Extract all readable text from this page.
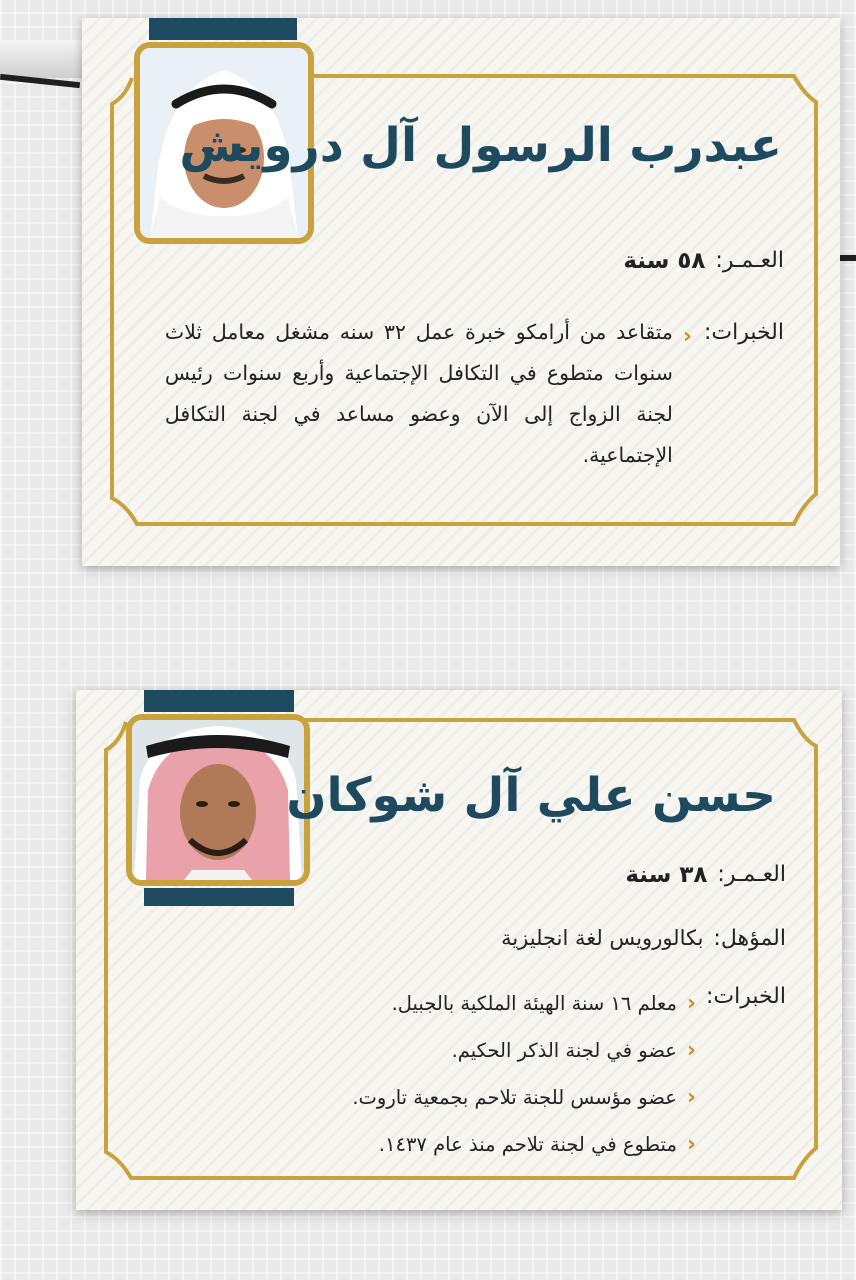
عبدرب الرسول آل درويش
العـمـر:
٥٨ سنة
الخبرات:
‹
متقاعد من أرامكو خبرة عمل ٣٢ سنه مشغل معامل ثلاث سنوات متطوع في التكافل الإجتماعية وأربع سنوات رئيس لجنة الزواج إلى الآن وعضو مساعد في لجنة التكافل الإجتماعية.
حسن علي آل شوكان
العـمـر:
٣٨ سنة
المؤهل:
بكالورويس لغة انجليزية
الخبرات:
‹
معلم ١٦ سنة الهيئة الملكية بالجبيل.
‹
عضو في لجنة الذكر الحكيم.
‹
عضو مؤسس للجنة تلاحم بجمعية تاروت.
‹
متطوع في لجنة تلاحم منذ عام ١٤٣٧.
